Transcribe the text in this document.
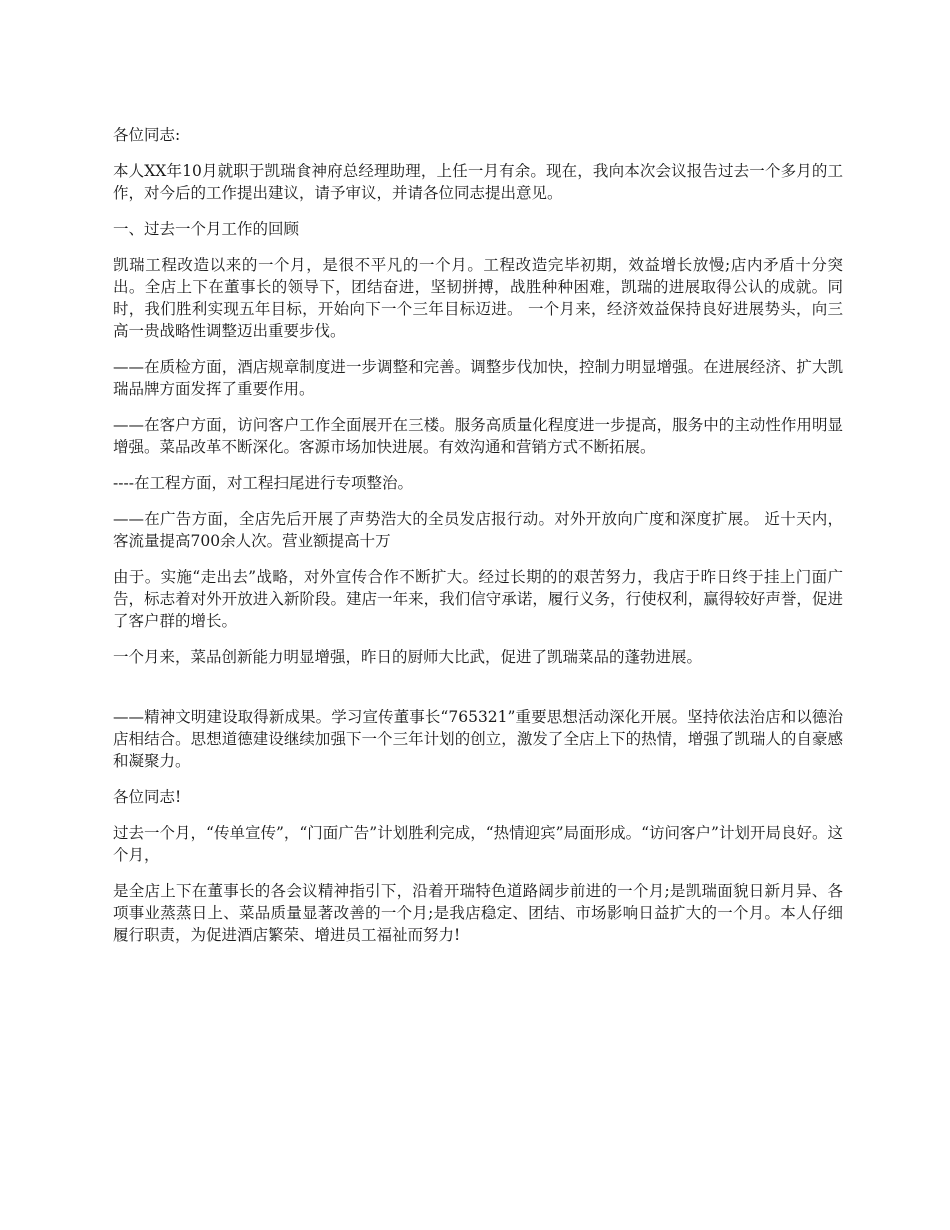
各位同志:

本人XX年10月就职于凯瑞食神府总经理助理，上任一月有余。现在，我向本次会议报告过去一个多月的工作，对今后的工作提出建议，请予审议，并请各位同志提出意见。

一、过去一个月工作的回顾

凯瑞工程改造以来的一个月，是很不平凡的一个月。工程改造完毕初期，效益增长放慢;店内矛盾十分突出。全店上下在董事长的领导下，团结奋进，坚韧拼搏，战胜种种困难，凯瑞的进展取得公认的成就。同时，我们胜利实现五年目标，开始向下一个三年目标迈进。 一个月来，经济效益保持良好进展势头，向三高一贵战略性调整迈出重要步伐。

——在质检方面，酒店规章制度进一步调整和完善。调整步伐加快，控制力明显增强。在进展经济、扩大凯瑞品牌方面发挥了重要作用。

——在客户方面，访问客户工作全面展开在三楼。服务高质量化程度进一步提高，服务中的主动性作用明显增强。菜品改革不断深化。客源市场加快进展。有效沟通和营销方式不断拓展。

----在工程方面，对工程扫尾进行专项整治。

——在广告方面，全店先后开展了声势浩大的全员发店报行动。对外开放向广度和深度扩展。 近十天内，客流量提高700余人次。营业额提高十万

由于。实施“走出去”战略，对外宣传合作不断扩大。经过长期的的艰苦努力，我店于昨日终于挂上门面广告，标志着对外开放进入新阶段。建店一年来，我们信守承诺，履行义务，行使权利，赢得较好声誉，促进了客户群的增长。

一个月来，菜品创新能力明显增强，昨日的厨师大比武，促进了凯瑞菜品的蓬勃进展。

——精神文明建设取得新成果。学习宣传董事长“765321”重要思想活动深化开展。坚持依法治店和以德治店相结合。思想道德建设继续加强下一个三年计划的创立，激发了全店上下的热情，增强了凯瑞人的自豪感和凝聚力。

各位同志!

过去一个月，“传单宣传”，“门面广告”计划胜利完成，“热情迎宾”局面形成。“访问客户”计划开局良好。这个月，

是全店上下在董事长的各会议精神指引下，沿着开瑞特色道路阔步前进的一个月;是凯瑞面貌日新月异、各项事业蒸蒸日上、菜品质量显著改善的一个月;是我店稳定、团结、市场影响日益扩大的一个月。本人仔细履行职责，为促进酒店繁荣、增进员工福祉而努力!
